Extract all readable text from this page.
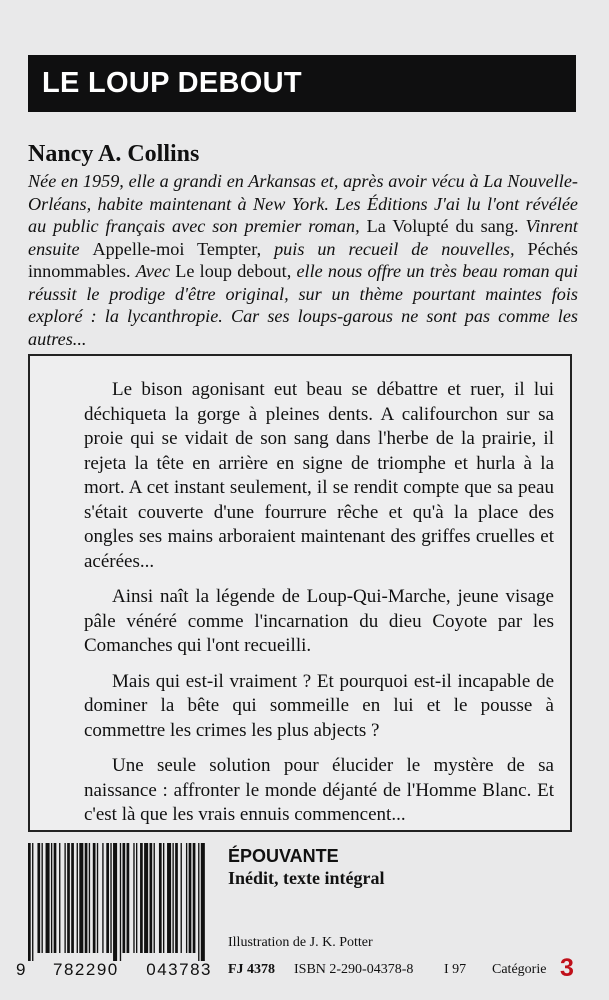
LE LOUP DEBOUT
Nancy A. Collins

Née en 1959, elle a grandi en Arkansas et, après avoir vécu à La Nouvelle-Orléans, habite maintenant à New York. Les Éditions J'ai lu l'ont révélée au public français avec son premier roman, La Volupté du sang. Vinrent ensuite Appelle-moi Tempter, puis un recueil de nouvelles, Péchés innommables. Avec Le loup debout, elle nous offre un très beau roman qui réussit le prodige d'être original, sur un thème pourtant maintes fois exploré : la lycanthropie. Car ses loups-garous ne sont pas comme les autres...

Le bison agonisant eut beau se débattre et ruer, il lui déchiqueta la gorge à pleines dents. A califourchon sur sa proie qui se vidait de son sang dans l'herbe de la prairie, il rejeta la tête en arrière en signe de triomphe et hurla à la mort. A cet instant seulement, il se rendit compte que sa peau s'était couverte d'une fourrure rêche et qu'à la place des ongles ses mains arboraient maintenant des griffes cruelles et acérées...

Ainsi naît la légende de Loup-Qui-Marche, jeune visage pâle vénéré comme l'incarnation du dieu Coyote par les Comanches qui l'ont recueilli.

Mais qui est-il vraiment ? Et pourquoi est-il incapable de dominer la bête qui sommeille en lui et le pousse à commettre les crimes les plus abjects ?

Une seule solution pour élucider le mystère de sa naissance : affronter le monde déjanté de l'Homme Blanc. Et c'est là que les vrais ennuis commencent...

9 782290 043783
ÉPOUVANTE
Inédit, texte intégral
Illustration de J. K. Potter
FJ 4378 ISBN 2-290-04378-8 I 97 Catégorie 3
